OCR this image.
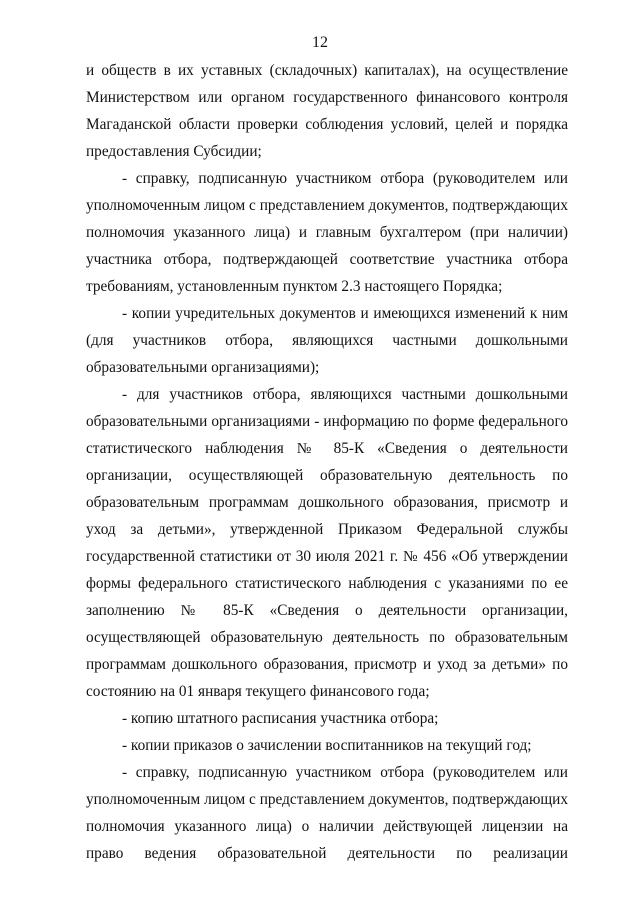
12

и обществ в их уставных (складочных) капиталах), на осуществление Министерством или органом государственного финансового контроля Магаданской области проверки соблюдения условий, целей и порядка предоставления Субсидии;

- справку, подписанную участником отбора (руководителем или уполномоченным лицом с представлением документов, подтверждающих полномочия указанного лица) и главным бухгалтером (при наличии) участника отбора, подтверждающей соответствие участника отбора требованиям, установленным пунктом 2.3 настоящего Порядка;

- копии учредительных документов и имеющихся изменений к ним (для участников отбора, являющихся частными дошкольными образовательными организациями);

- для участников отбора, являющихся частными дошкольными образовательными организациями - информацию по форме федерального статистического наблюдения № 85-К «Сведения о деятельности организации, осуществляющей образовательную деятельность по образовательным программам дошкольного образования, присмотр и уход за детьми», утвержденной Приказом Федеральной службы государственной статистики от 30 июля 2021 г. № 456 «Об утверждении формы федерального статистического наблюдения с указаниями по ее заполнению № 85-К «Сведения о деятельности организации, осуществляющей образовательную деятельность по образовательным программам дошкольного образования, присмотр и уход за детьми» по состоянию на 01 января текущего финансового года;

- копию штатного расписания участника отбора;

- копии приказов о зачислении воспитанников на текущий год;

- справку, подписанную участником отбора (руководителем или уполномоченным лицом с представлением документов, подтверждающих полномочия указанного лица) о наличии действующей лицензии на право ведения образовательной деятельности по реализации
